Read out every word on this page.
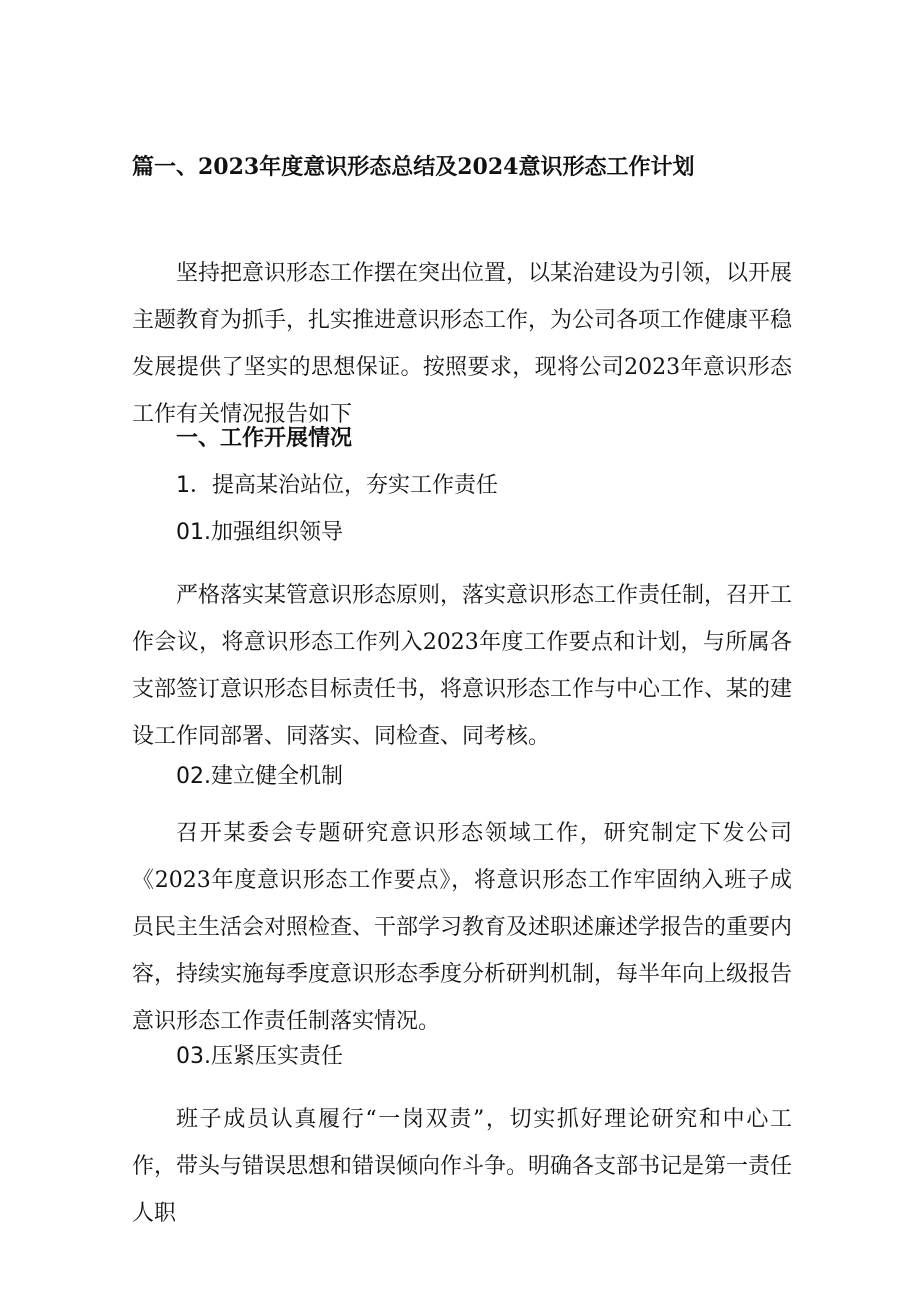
篇一、2023年度意识形态总结及2024意识形态工作计划

坚持把意识形态工作摆在突出位置，以某治建设为引领，以开展主题教育为抓手，扎实推进意识形态工作，为公司各项工作健康平稳发展提供了坚实的思想保证。按照要求，现将公司2023年意识形态工作有关情况报告如下

一、工作开展情况

1．提高某治站位，夯实工作责任

01.加强组织领导

严格落实某管意识形态原则，落实意识形态工作责任制，召开工作会议，将意识形态工作列入2023年度工作要点和计划，与所属各支部签订意识形态目标责任书，将意识形态工作与中心工作、某的建设工作同部署、同落实、同检查、同考核。

02.建立健全机制

召开某委会专题研究意识形态领域工作，研究制定下发公司《2023年度意识形态工作要点》，将意识形态工作牢固纳入班子成员民主生活会对照检查、干部学习教育及述职述廉述学报告的重要内容，持续实施每季度意识形态季度分析研判机制，每半年向上级报告意识形态工作责任制落实情况。

03.压紧压实责任

班子成员认真履行“一岗双责”，切实抓好理论研究和中心工作，带头与错误思想和错误倾向作斗争。明确各支部书记是第一责任人职
